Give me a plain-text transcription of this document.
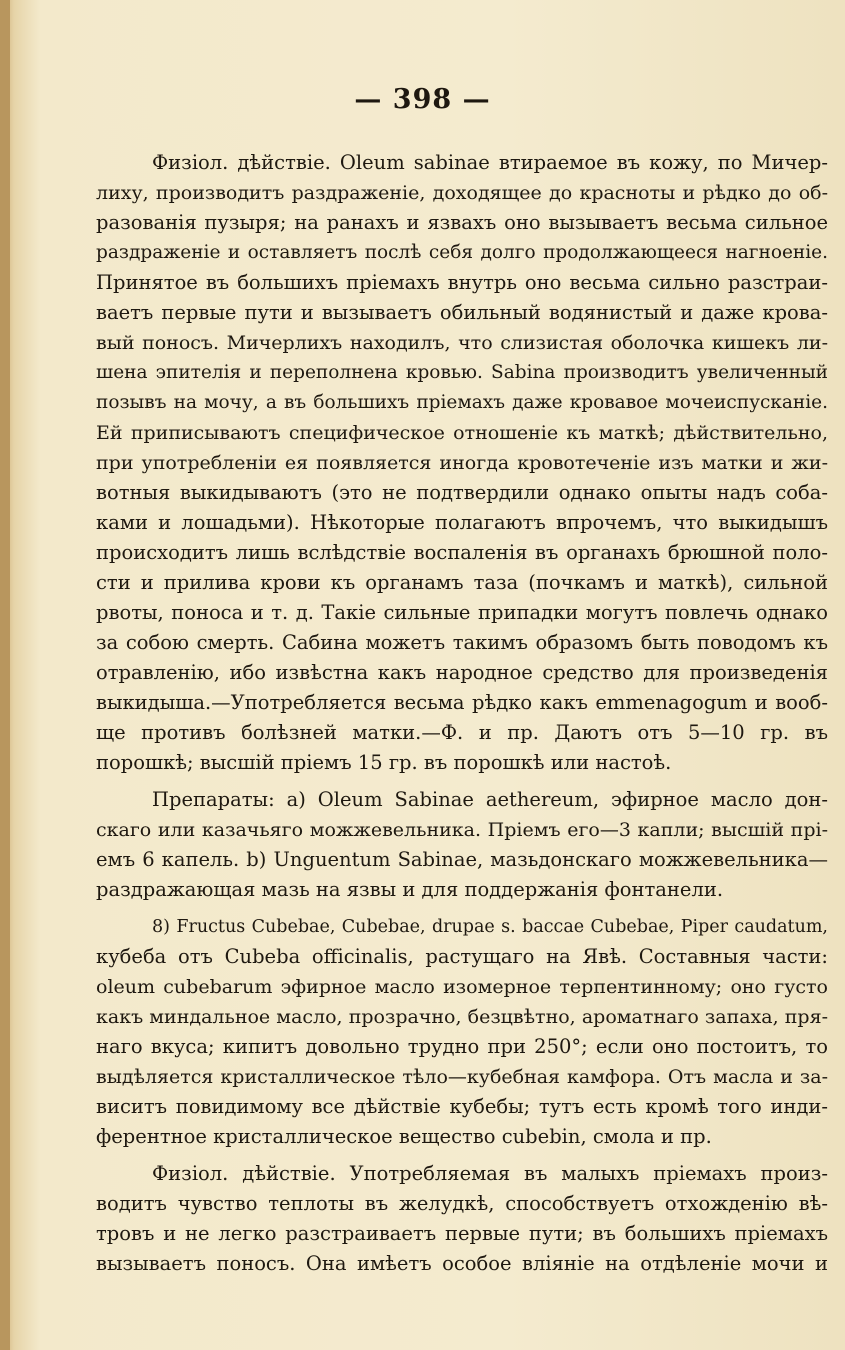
— 398 —
Физіол. дѣйствіе. Oleum sabinae втираемое въ кожу, по Мичер-
лиху, производитъ раздраженіе, доходящее до красноты и рѣдко до об-
разованія пузыря; на ранахъ и язвахъ оно вызываетъ весьма сильное
раздраженіе и оставляетъ послѣ себя долго продолжающееся нагноеніе.
Принятое въ большихъ пріемахъ внутрь оно весьма сильно разстраи-
ваетъ первые пути и вызываетъ обильный водянистый и даже крова-
вый поносъ. Мичерлихъ находилъ, что слизистая оболочка кишекъ ли-
шена эпителія и переполнена кровью. Sabina производитъ увеличенный
позывъ на мочу, а въ большихъ пріемахъ даже кровавое мочеиспусканіе.
Ей приписываютъ специфическое отношеніе къ маткѣ; дѣйствительно,
при употребленіи ея появляется иногда кровотеченіе изъ матки и жи-
вотныя выкидываютъ (это не подтвердили однако опыты надъ соба-
ками и лошадьми). Нѣкоторые полагаютъ впрочемъ, что выкидышъ
происходитъ лишь вслѣдствіе воспаленія въ органахъ брюшной поло-
сти и прилива крови къ органамъ таза (почкамъ и маткѣ), сильной
рвоты, поноса и т. д. Такіе сильные припадки могутъ повлечь однако
за собою смерть. Сабина можетъ такимъ образомъ быть поводомъ къ
отравленію, ибо извѣстна какъ народное средство для произведенія
выкидыша.—Употребляется весьма рѣдко какъ emmenagogum и вооб-
ще противъ болѣзней матки.—Ф. и пр. Даютъ отъ 5—10 гр. въ
порошкѣ; высшій пріемъ 15 гр. въ порошкѣ или настоѣ.
Препараты: a) Oleum Sabinae aethereum, эфирное масло дон-
скаго или казачьяго можжевельника. Пріемъ его—3 капли; высшій прі-
емъ 6 капель. b) Unguentum Sabinae, мазьдонскаго можжевельника—
раздражающая мазь на язвы и для поддержанія фонтанели.
8) Fructus Cubebae, Cubebae, drupae s. baccae Cubebae, Piper caudatum,
кубеба отъ Cubeba officinalis, растущаго на Явѣ. Составныя части:
oleum cubebarum эфирное масло изомерное терпентинному; оно густо
какъ миндальное масло, прозрачно, безцвѣтно, ароматнаго запаха, пря-
наго вкуса; кипитъ довольно трудно при 250°; если оно постоитъ, то
выдѣляется кристаллическое тѣло—кубебная камфора. Отъ масла и за-
виситъ повидимому все дѣйствіе кубебы; тутъ есть кромѣ того инди-
ферентное кристаллическое вещество cubebin, смола и пр.
Физіол. дѣйствіе. Употребляемая въ малыхъ пріемахъ произ-
водитъ чувство теплоты въ желудкѣ, способствуетъ отхожденію вѣ-
тровъ и не легко разстраиваетъ первые пути; въ большихъ пріемахъ
вызываетъ поносъ. Она имѣетъ особое вліяніе на отдѣленіе мочи и
